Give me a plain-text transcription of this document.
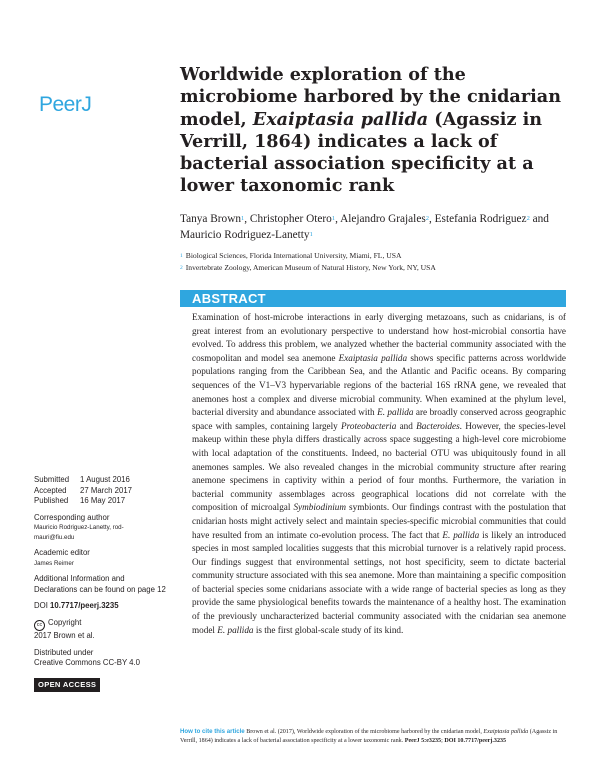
PeerJ
Worldwide exploration of the microbiome harbored by the cnidarian model, Exaiptasia pallida (Agassiz in Verrill, 1864) indicates a lack of bacterial association specificity at a lower taxonomic rank
Tanya Brown$^1$, Christopher Otero$^1$, Alejandro Grajales$^2$, Estefania Rodriguez$^2$ and Mauricio Rodriguez-Lanetty$^1$
$^1$ Biological Sciences, Florida International University, Miami, FL, USA
$^2$ Invertebrate Zoology, American Museum of Natural History, New York, NY, USA
ABSTRACT
Examination of host-microbe interactions in early diverging metazoans, such as cnidarians, is of great interest from an evolutionary perspective to understand how host-microbial consortia have evolved. To address this problem, we analyzed whether the bacterial community associated with the cosmopolitan and model sea anemone Exaiptasia pallida shows specific patterns across worldwide populations ranging from the Caribbean Sea, and the Atlantic and Pacific oceans. By comparing sequences of the V1–V3 hypervariable regions of the bacterial 16S rRNA gene, we revealed that anemones host a complex and diverse microbial community. When examined at the phylum level, bacterial diversity and abundance associated with E. pallida are broadly conserved across geographic space with samples, containing largely Proteobacteria and Bacteroides. However, the species-level makeup within these phyla differs drastically across space suggesting a high-level core microbiome with local adaptation of the constituents. Indeed, no bacterial OTU was ubiquitously found in all anemones samples. We also revealed changes in the microbial community structure after rearing anemone specimens in captivity within a period of four months. Furthermore, the variation in bacterial community assemblages across geographical locations did not correlate with the composition of microalgal Symbiodinium symbionts. Our findings contrast with the postulation that cnidarian hosts might actively select and maintain species-specific microbial communities that could have resulted from an intimate co-evolution process. The fact that E. pallida is likely an introduced species in most sampled localities suggests that this microbial turnover is a relatively rapid process. Our findings suggest that environmental settings, not host specificity, seem to dictate bacterial community structure associated with this sea anemone. More than maintaining a specific composition of bacterial species some cnidarians associate with a wide range of bacterial species as long as they provide the same physiological benefits towards the maintenance of a healthy host. The examination of the previously uncharacterized bacterial community associated with the cnidarian sea anemone model E. pallida is the first global-scale study of its kind.
Submitted	1 August 2016
Accepted	27 March 2017
Published	16 May 2017
Corresponding author
Mauricio Rodriguez-Lanetty, rod-
mauri@fiu.edu
Academic editor
James Reimer
Additional Information and Declarations can be found on page 12
DOI 10.7717/peerj.3235
cc Copyright
2017 Brown et al.
Distributed under
Creative Commons CC-BY 4.0
OPEN ACCESS
How to cite this article Brown et al. (2017), Worldwide exploration of the microbiome harbored by the cnidarian model, Exaiptasia pallida (Agassiz in Verrill, 1864) indicates a lack of bacterial association specificity at a lower taxonomic rank. PeerJ 5:e3235; DOI 10.7717/peerj.3235
